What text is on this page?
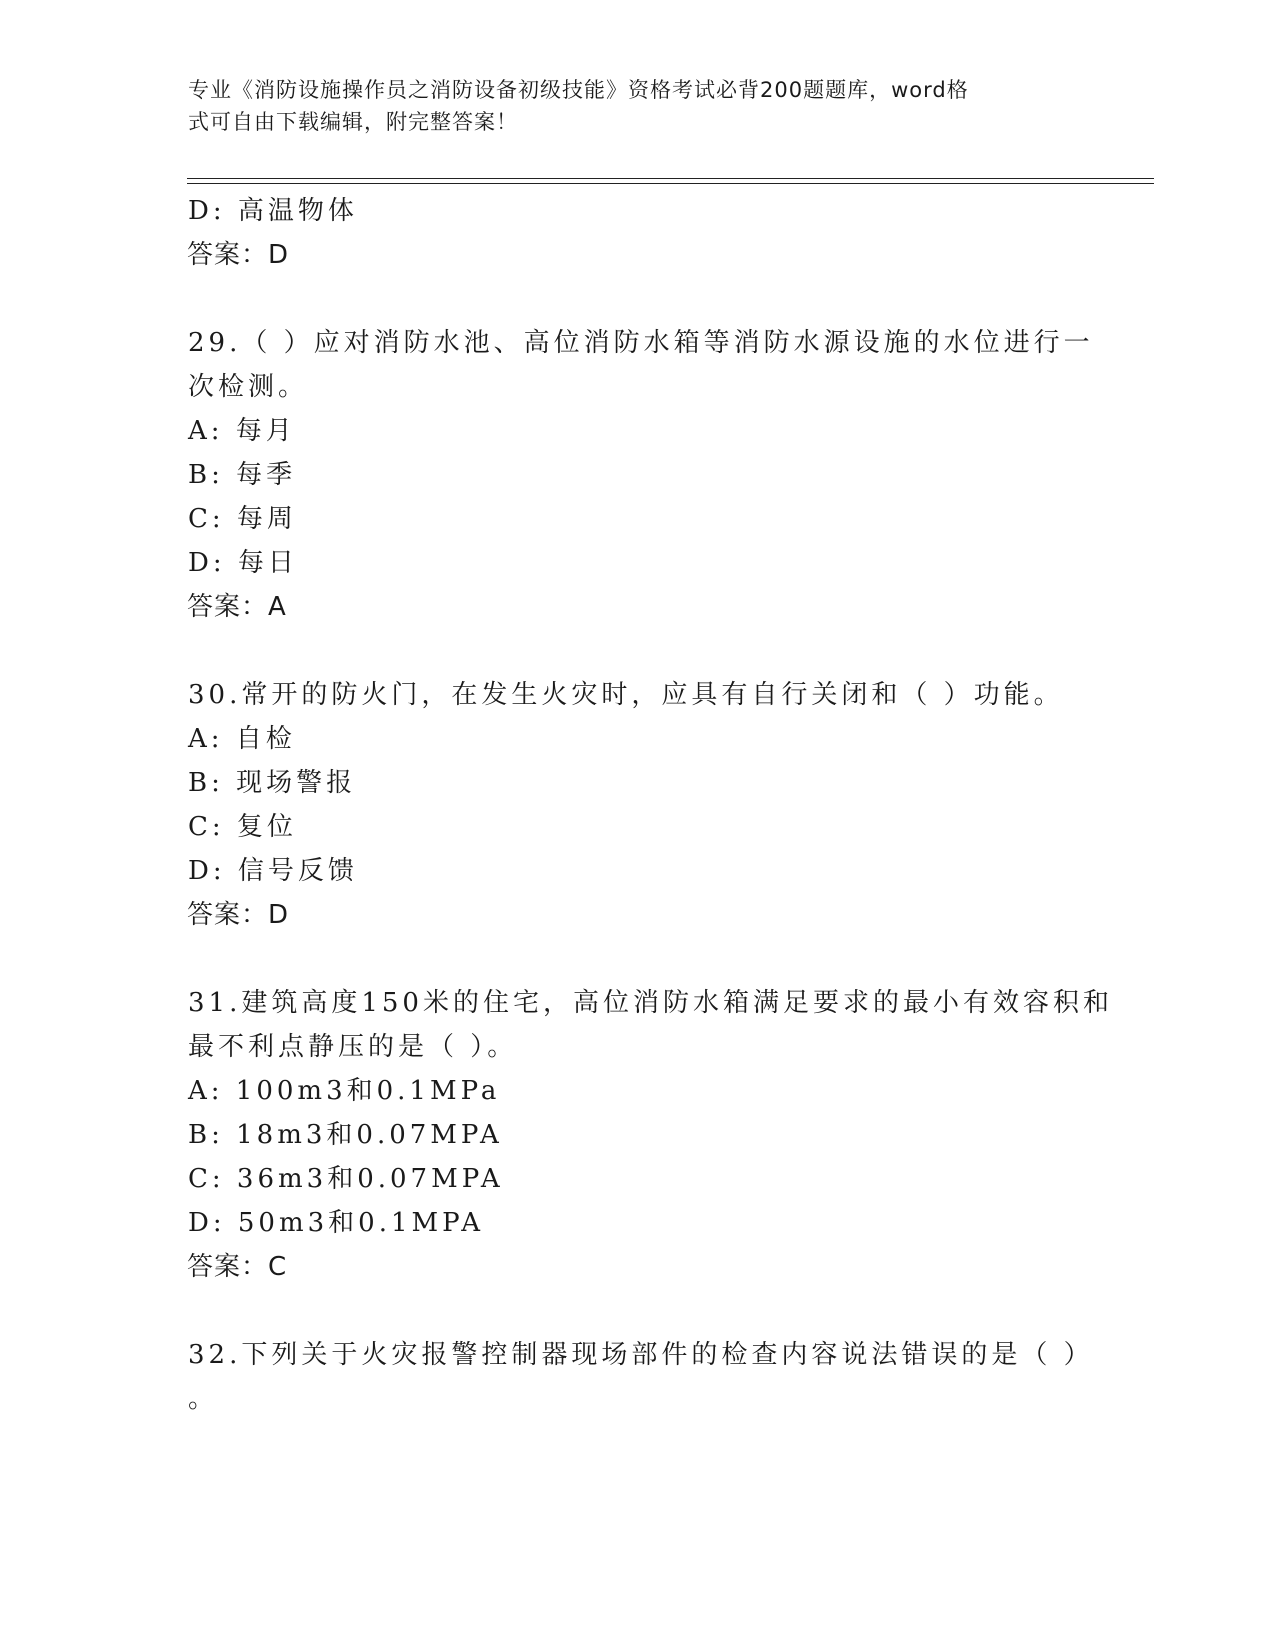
专业《消防设施操作员之消防设备初级技能》资格考试必背200题题库，word格
式可自由下载编辑，附完整答案！
D: 高温物体
答案：D
29.（ ）应对消防水池、高位消防水箱等消防水源设施的水位进行一
次检测。
A: 每月
B: 每季
C: 每周
D: 每日
答案：A
30.常开的防火门，在发生火灾时，应具有自行关闭和（ ）功能。
A: 自检
B: 现场警报
C: 复位
D: 信号反馈
答案：D
31.建筑高度150米的住宅，高位消防水箱满足要求的最小有效容积和
最不利点静压的是（ ）。
A: 100m3和0.1MPa
B: 18m3和0.07MPA
C: 36m3和0.07MPA
D: 50m3和0.1MPA
答案：C
32.下列关于火灾报警控制器现场部件的检查内容说法错误的是（ ）
。
